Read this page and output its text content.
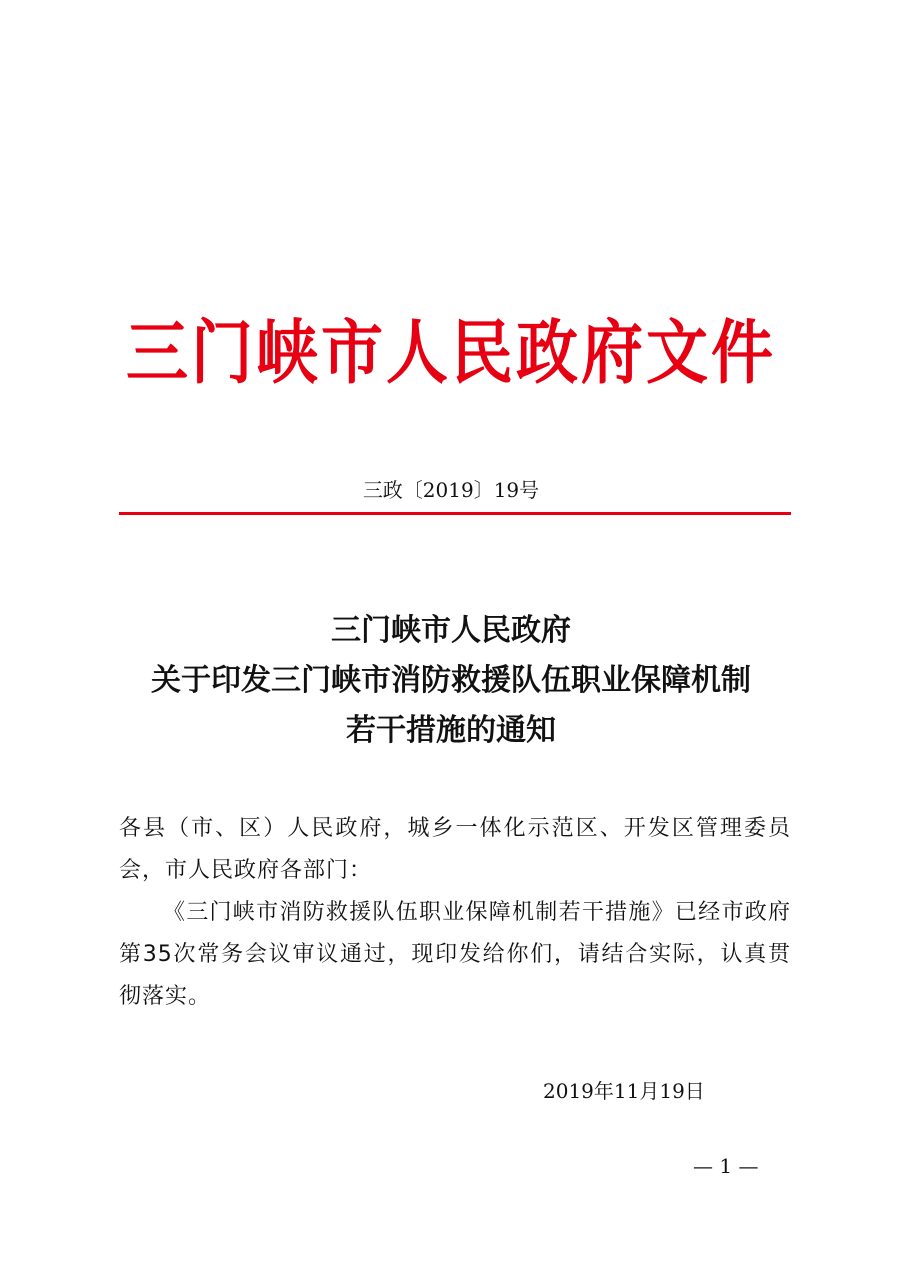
三门峡市人民政府文件
三政〔2019〕19号
三门峡市人民政府
关于印发三门峡市消防救援队伍职业保障机制
若干措施的通知

各县（市、区）人民政府，城乡一体化示范区、开发区管理委员会，市人民政府各部门：

《三门峡市消防救援队伍职业保障机制若干措施》已经市政府第35次常务会议审议通过，现印发给你们，请结合实际，认真贯彻落实。

2019年11月19日
— 1 —
